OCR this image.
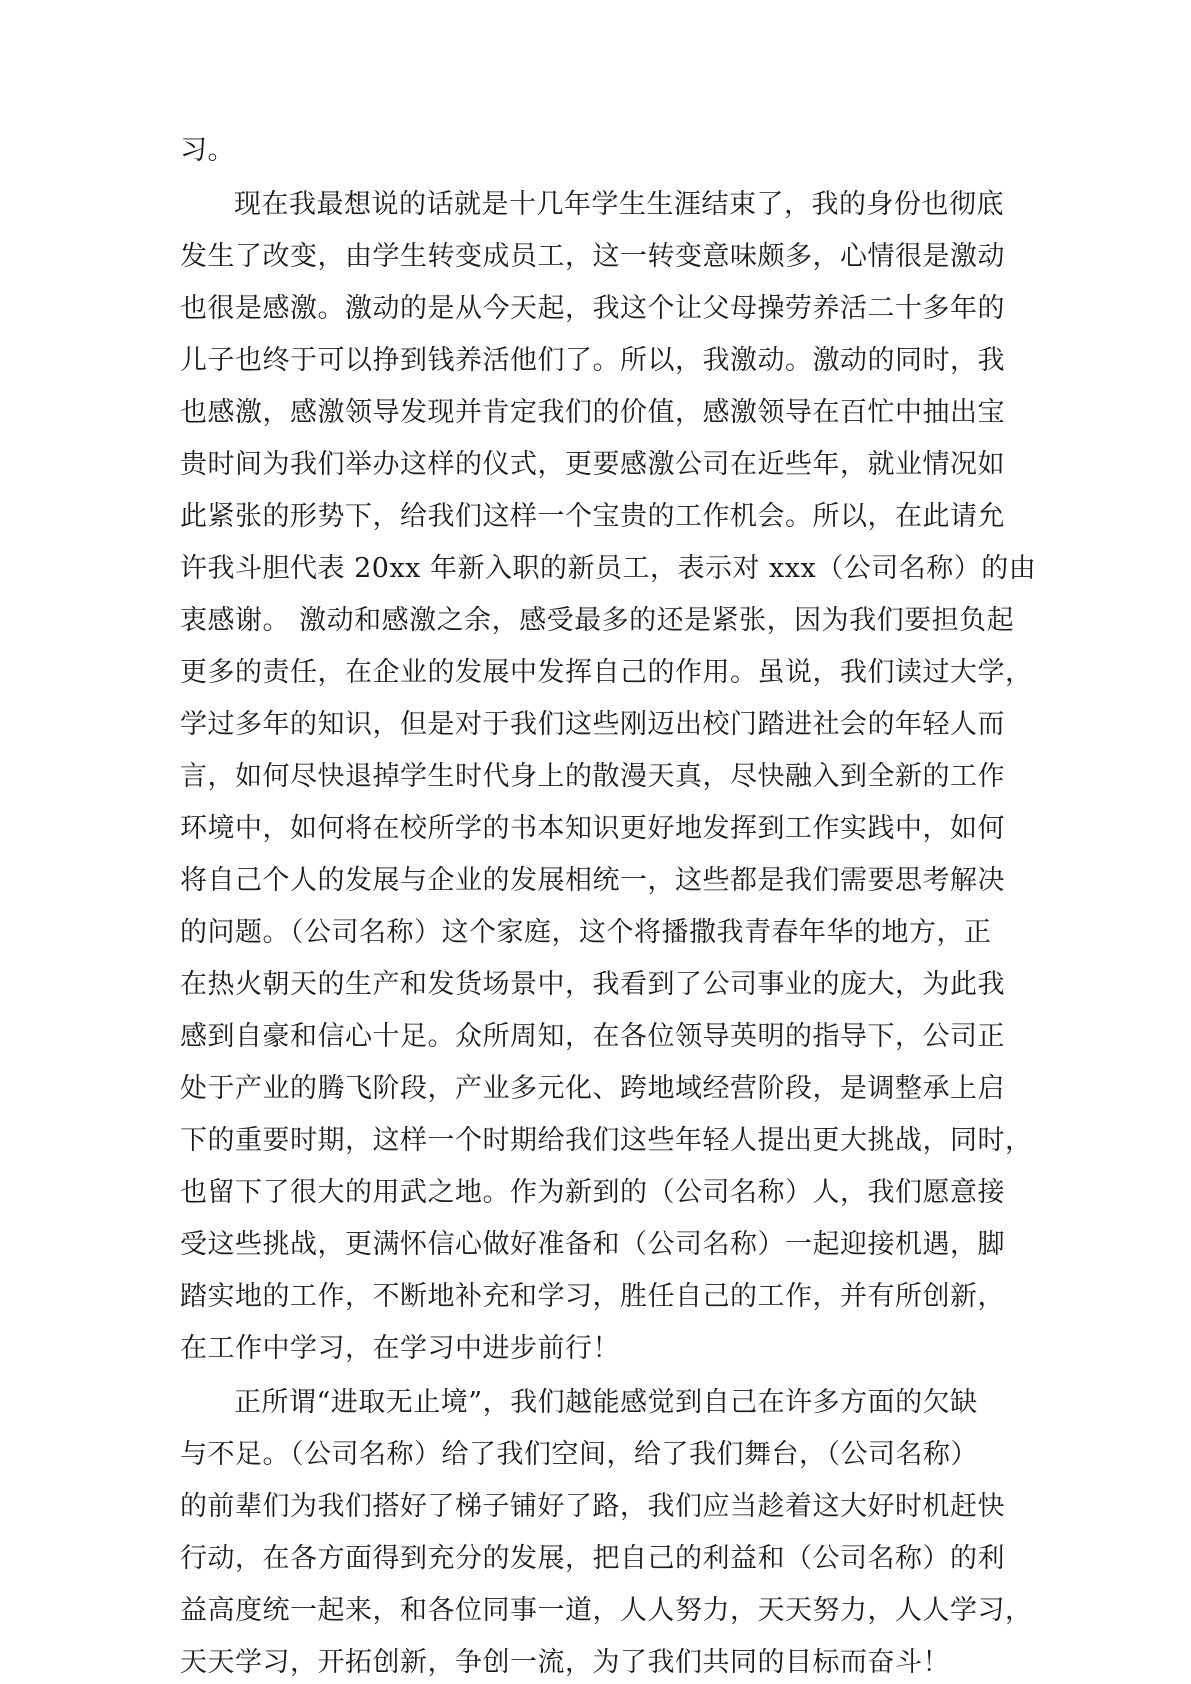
习。
现在我最想说的话就是十几年学生生涯结束了，我的身份也彻底
发生了改变，由学生转变成员工，这一转变意味颇多，心情很是激动
也很是感激。激动的是从今天起，我这个让父母操劳养活二十多年的
儿子也终于可以挣到钱养活他们了。所以，我激动。激动的同时，我
也感激，感激领导发现并肯定我们的价值，感激领导在百忙中抽出宝
贵时间为我们举办这样的仪式，更要感激公司在近些年，就业情况如
此紧张的形势下，给我们这样一个宝贵的工作机会。所以，在此请允
许我斗胆代表 20xx 年新入职的新员工，表示对 xxx（公司名称）的由
衷感谢。 激动和感激之余，感受最多的还是紧张，因为我们要担负起
更多的责任，在企业的发展中发挥自己的作用。虽说，我们读过大学，
学过多年的知识，但是对于我们这些刚迈出校门踏进社会的年轻人而
言，如何尽快退掉学生时代身上的散漫天真，尽快融入到全新的工作
环境中，如何将在校所学的书本知识更好地发挥到工作实践中，如何
将自己个人的发展与企业的发展相统一，这些都是我们需要思考解决
的问题。（公司名称）这个家庭，这个将播撒我青春年华的地方，正
在热火朝天的生产和发货场景中，我看到了公司事业的庞大，为此我
感到自豪和信心十足。众所周知，在各位领导英明的指导下，公司正
处于产业的腾飞阶段，产业多元化、跨地域经营阶段，是调整承上启
下的重要时期，这样一个时期给我们这些年轻人提出更大挑战，同时，
也留下了很大的用武之地。作为新到的（公司名称）人，我们愿意接
受这些挑战，更满怀信心做好准备和（公司名称）一起迎接机遇，脚
踏实地的工作，不断地补充和学习，胜任自己的工作，并有所创新，
在工作中学习，在学习中进步前行！
正所谓“进取无止境”，我们越能感觉到自己在许多方面的欠缺
与不足。（公司名称）给了我们空间，给了我们舞台，（公司名称）
的前辈们为我们搭好了梯子铺好了路，我们应当趁着这大好时机赶快
行动，在各方面得到充分的发展，把自己的利益和（公司名称）的利
益高度统一起来，和各位同事一道，人人努力，天天努力，人人学习，
天天学习，开拓创新，争创一流，为了我们共同的目标而奋斗！
